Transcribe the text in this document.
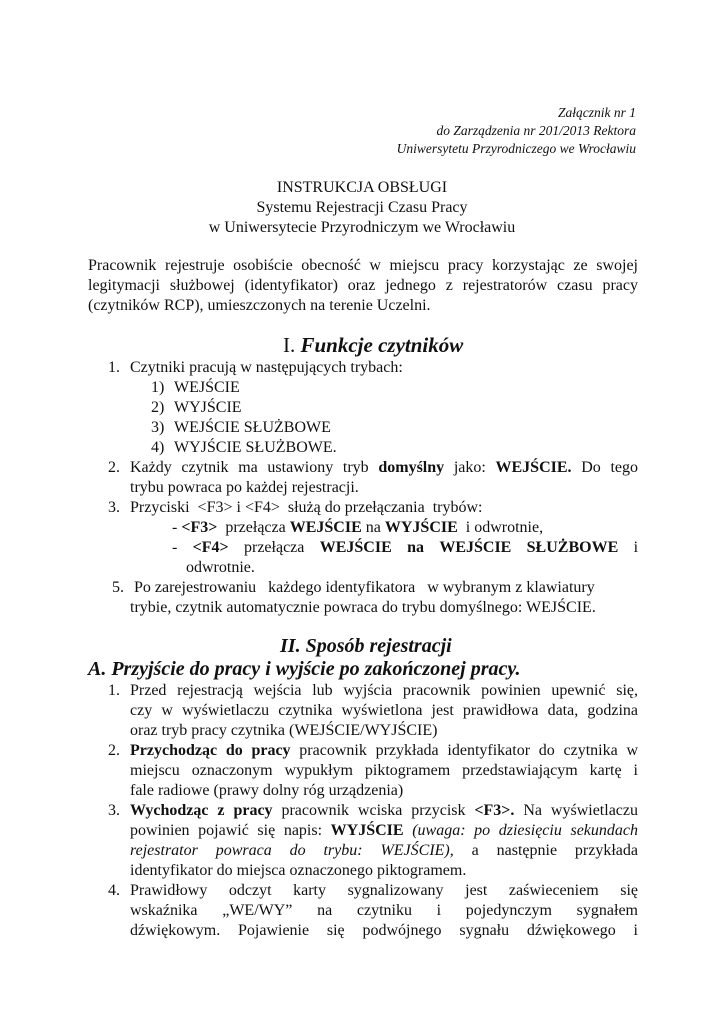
Załącznik nr 1
do Zarządzenia nr 201/2013 Rektora
Uniwersytetu Przyrodniczego we Wrocławiu
INSTRUKCJA OBSŁUGI
Systemu Rejestracji Czasu Pracy
w Uniwersytecie Przyrodniczym we Wrocławiu
Pracownik rejestruje osobiście obecność w miejscu pracy korzystając ze swojej
legitymacji służbowej (identyfikator) oraz jednego z rejestratorów czasu pracy
(czytników RCP), umieszczonych na terenie Uczelni.
I. Funkcje czytników
1. Czytniki pracują w następujących trybach:
1) WEJŚCIE
2) WYJŚCIE
3) WEJŚCIE SŁUŻBOWE
4) WYJŚCIE SŁUŻBOWE.
2. Każdy czytnik ma ustawiony tryb domyślny jako: WEJŚCIE. Do tego
trybu powraca po każdej rejestracji.
3. Przyciski  <F3> i <F4>  służą do przełączania  trybów:
- <F3>  przełącza WEJŚCIE na WYJŚCIE  i odwrotnie,
- <F4> przełącza WEJŚCIE na WEJŚCIE SŁUŻBOWE i
odwrotnie.
5. Po zarejestrowaniu   każdego identyfikatora   w wybranym z klawiatury
trybie, czytnik automatycznie powraca do trybu domyślnego: WEJŚCIE.
II. Sposób rejestracji
A. Przyjście do pracy i wyjście po zakończonej pracy.
1. Przed rejestracją wejścia lub wyjścia pracownik powinien upewnić się,
czy w wyświetlaczu czytnika wyświetlona jest prawidłowa data, godzina
oraz tryb pracy czytnika (WEJŚCIE/WYJŚCIE)
2. Przychodząc do pracy pracownik przykłada identyfikator do czytnika w
miejscu oznaczonym wypukłym piktogramem przedstawiającym kartę i
fale radiowe (prawy dolny róg urządzenia)
3. Wychodząc z pracy pracownik wciska przycisk <F3>. Na wyświetlaczu
powinien pojawić się napis: WYJŚCIE (uwaga: po dziesięciu sekundach
rejestrator powraca do trybu: WEJŚCIE), a następnie przykłada
identyfikator do miejsca oznaczonego piktogramem.
4. Prawidłowy odczyt karty sygnalizowany jest zaświeceniem się
wskaźnika „WE/WY” na czytniku i pojedynczym sygnałem
dźwiękowym. Pojawienie się podwójnego sygnału dźwiękowego i
